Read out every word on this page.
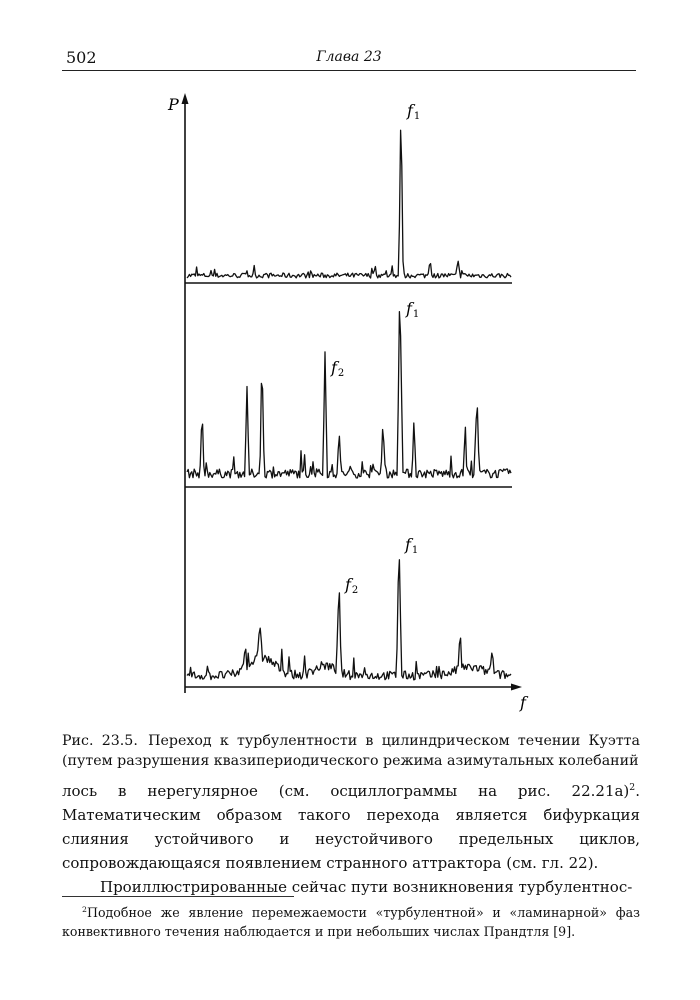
502	Глава 23
P
f
f1
f1
f2
f1
f2
Рис. 23.5. Переход к турбулентности в цилиндрическом течении Куэтта (путем разрушения квазипериодического режима азимутальных колебаний

лось в нерегулярное (см. осциллограммы на рис. 22.21а)$^2$. Математическим образом такого перехода является бифуркация слияния устойчивого и неустойчивого предельных циклов, сопровождающаяся появлением странного аттрактора (см. гл. 22).

Проиллюстрированные сейчас пути возникновения турбулентнос-

$^2$Подобное же явление перемежаемости «турбулентной» и «ламинарной» фаз конвективного течения наблюдается и при небольших числах Прандтля [9].
